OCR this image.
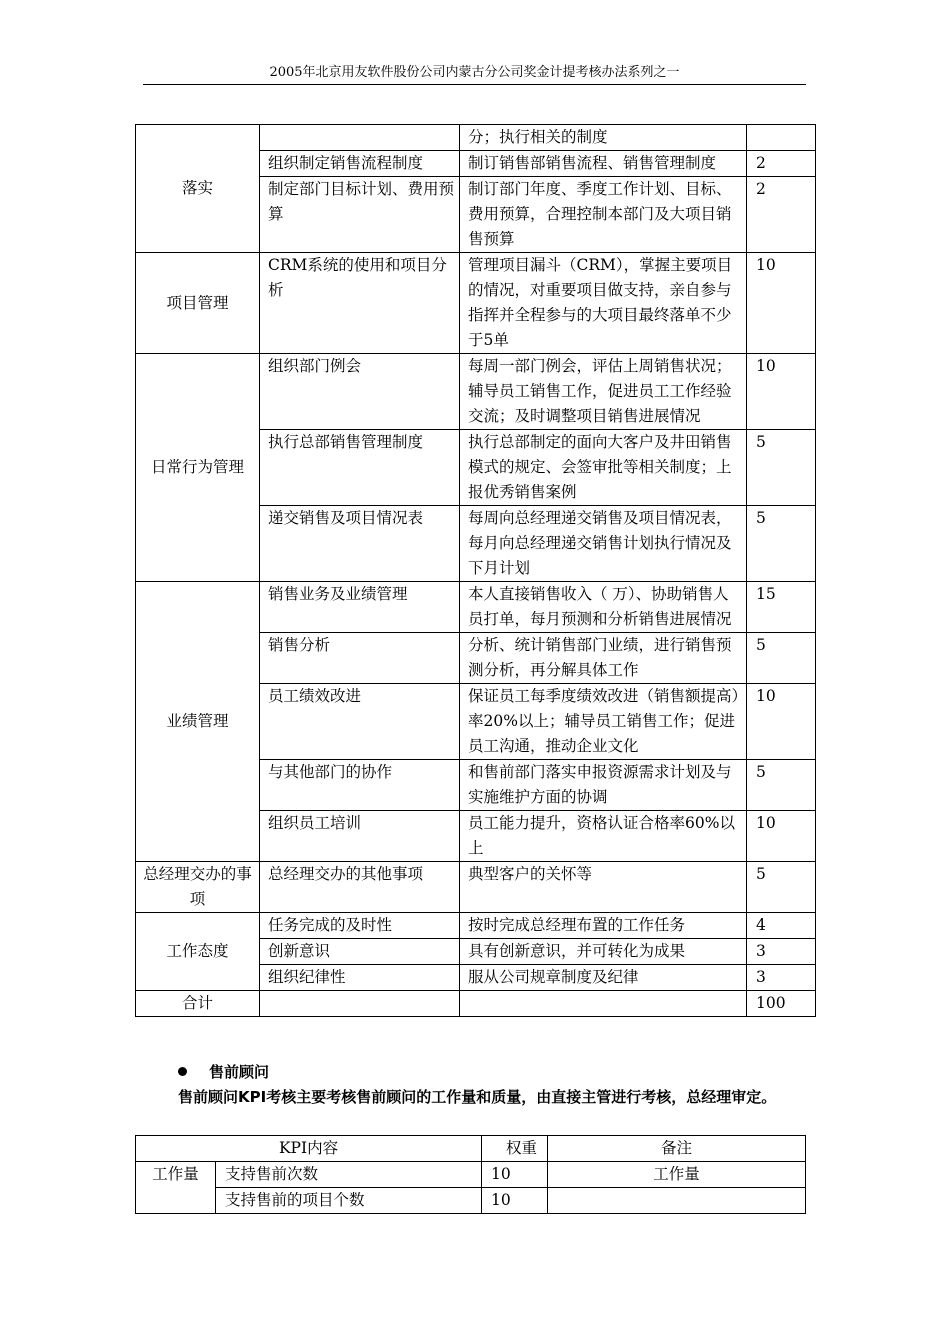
2005年北京用友软件股份公司内蒙古分公司奖金计提考核办法系列之一
落实		分；执行相关的制度	
	组织制定销售流程制度	制订销售部销售流程、销售管理制度	2
	制定部门目标计划、费用预算	制订部门年度、季度工作计划、目标、费用预算，合理控制本部门及大项目销售预算	2
项目管理	CRM系统的使用和项目分析	管理项目漏斗（CRM），掌握主要项目的情况，对重要项目做支持，亲自参与指挥并全程参与的大项目最终落单不少于5单	10
日常行为管理	组织部门例会	每周一部门例会，评估上周销售状况；辅导员工销售工作，促进员工工作经验交流；及时调整项目销售进展情况	10
	执行总部销售管理制度	执行总部制定的面向大客户及井田销售模式的规定、会签审批等相关制度；上报优秀销售案例	5
	递交销售及项目情况表	每周向总经理递交销售及项目情况表，每月向总经理递交销售计划执行情况及下月计划	5
业绩管理	销售业务及业绩管理	本人直接销售收入（ 万）、协助销售人员打单，每月预测和分析销售进展情况	15
	销售分析	分析、统计销售部门业绩，进行销售预测分析，再分解具体工作	5
	员工绩效改进	保证员工每季度绩效改进（销售额提高）率20%以上；辅导员工销售工作；促进员工沟通，推动企业文化	10
	与其他部门的协作	和售前部门落实申报资源需求计划及与实施维护方面的协调	5
	组织员工培训	员工能力提升，资格认证合格率60%以上	10
总经理交办的事项	总经理交办的其他事项	典型客户的关怀等	5
工作态度	任务完成的及时性	按时完成总经理布置的工作任务	4
	创新意识	具有创新意识，并可转化为成果	3
	组织纪律性	服从公司规章制度及纪律	3
合计			100
售前顾问
售前顾问KPI考核主要考核售前顾问的工作量和质量，由直接主管进行考核，总经理审定。
KPI内容		权重	备注
工作量	支持售前次数	10	工作量
	支持售前的项目个数	10	
